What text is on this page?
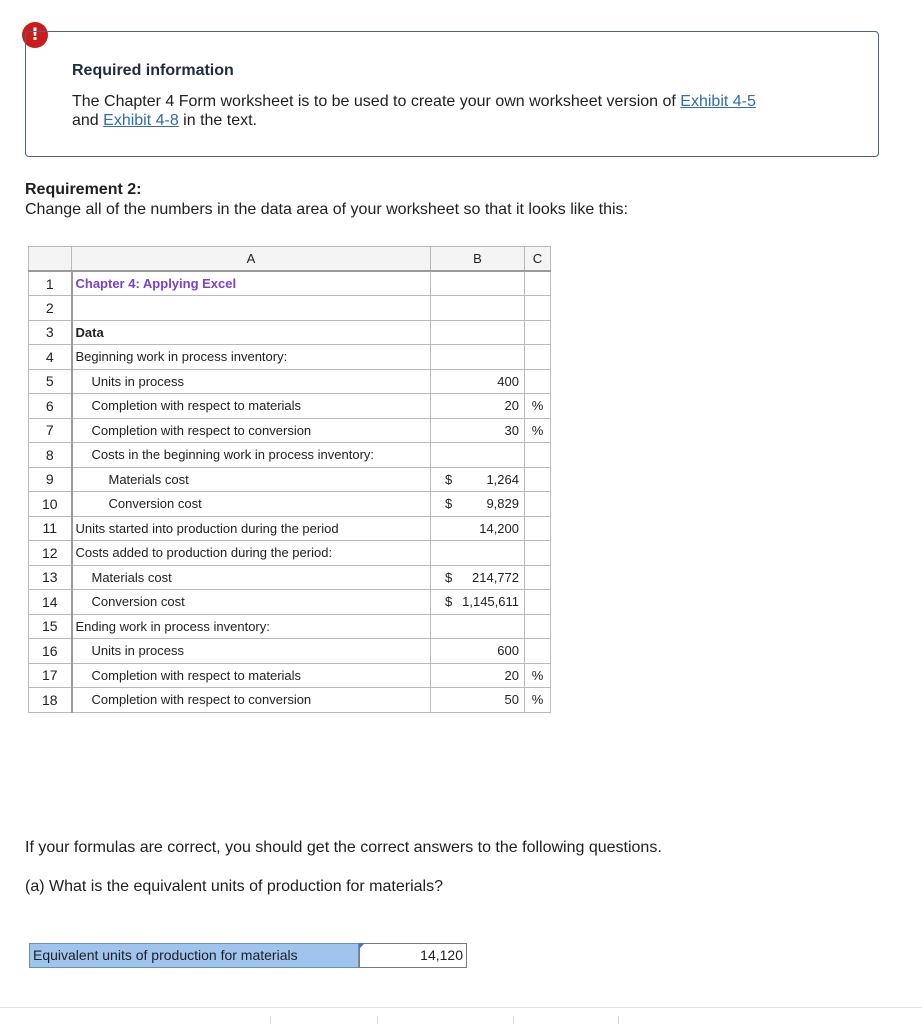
!
Required information
The Chapter 4 Form worksheet is to be used to create your own worksheet version of Exhibit 4-5
and Exhibit 4-8 in the text.
Requirement 2:
Change all of the numbers in the data area of your worksheet so that it looks like this:
	A	B	C
1	Chapter 4: Applying Excel	

2		

3	Data	

4	Beginning work in process inventory:	

5	Units in process	400	

6	Completion with respect to materials	20	%
7	Completion with respect to conversion	30	%
8	Costs in the beginning work in process inventory:	

9	Materials cost	$ 1,264	

10	Conversion cost	$ 9,829	

11	Units started into production during the period	14,200	

12	Costs added to production during the period:	

13	Materials cost	$ 214,772	

14	Conversion cost	$ 1,145,611	

15	Ending work in process inventory:	

16	Units in process	600	

17	Completion with respect to materials	20	%
18	Completion with respect to conversion	50	%
If your formulas are correct, you should get the correct answers to the following questions.
(a) What is the equivalent units of production for materials?
Equivalent units of production for materials	14,120
